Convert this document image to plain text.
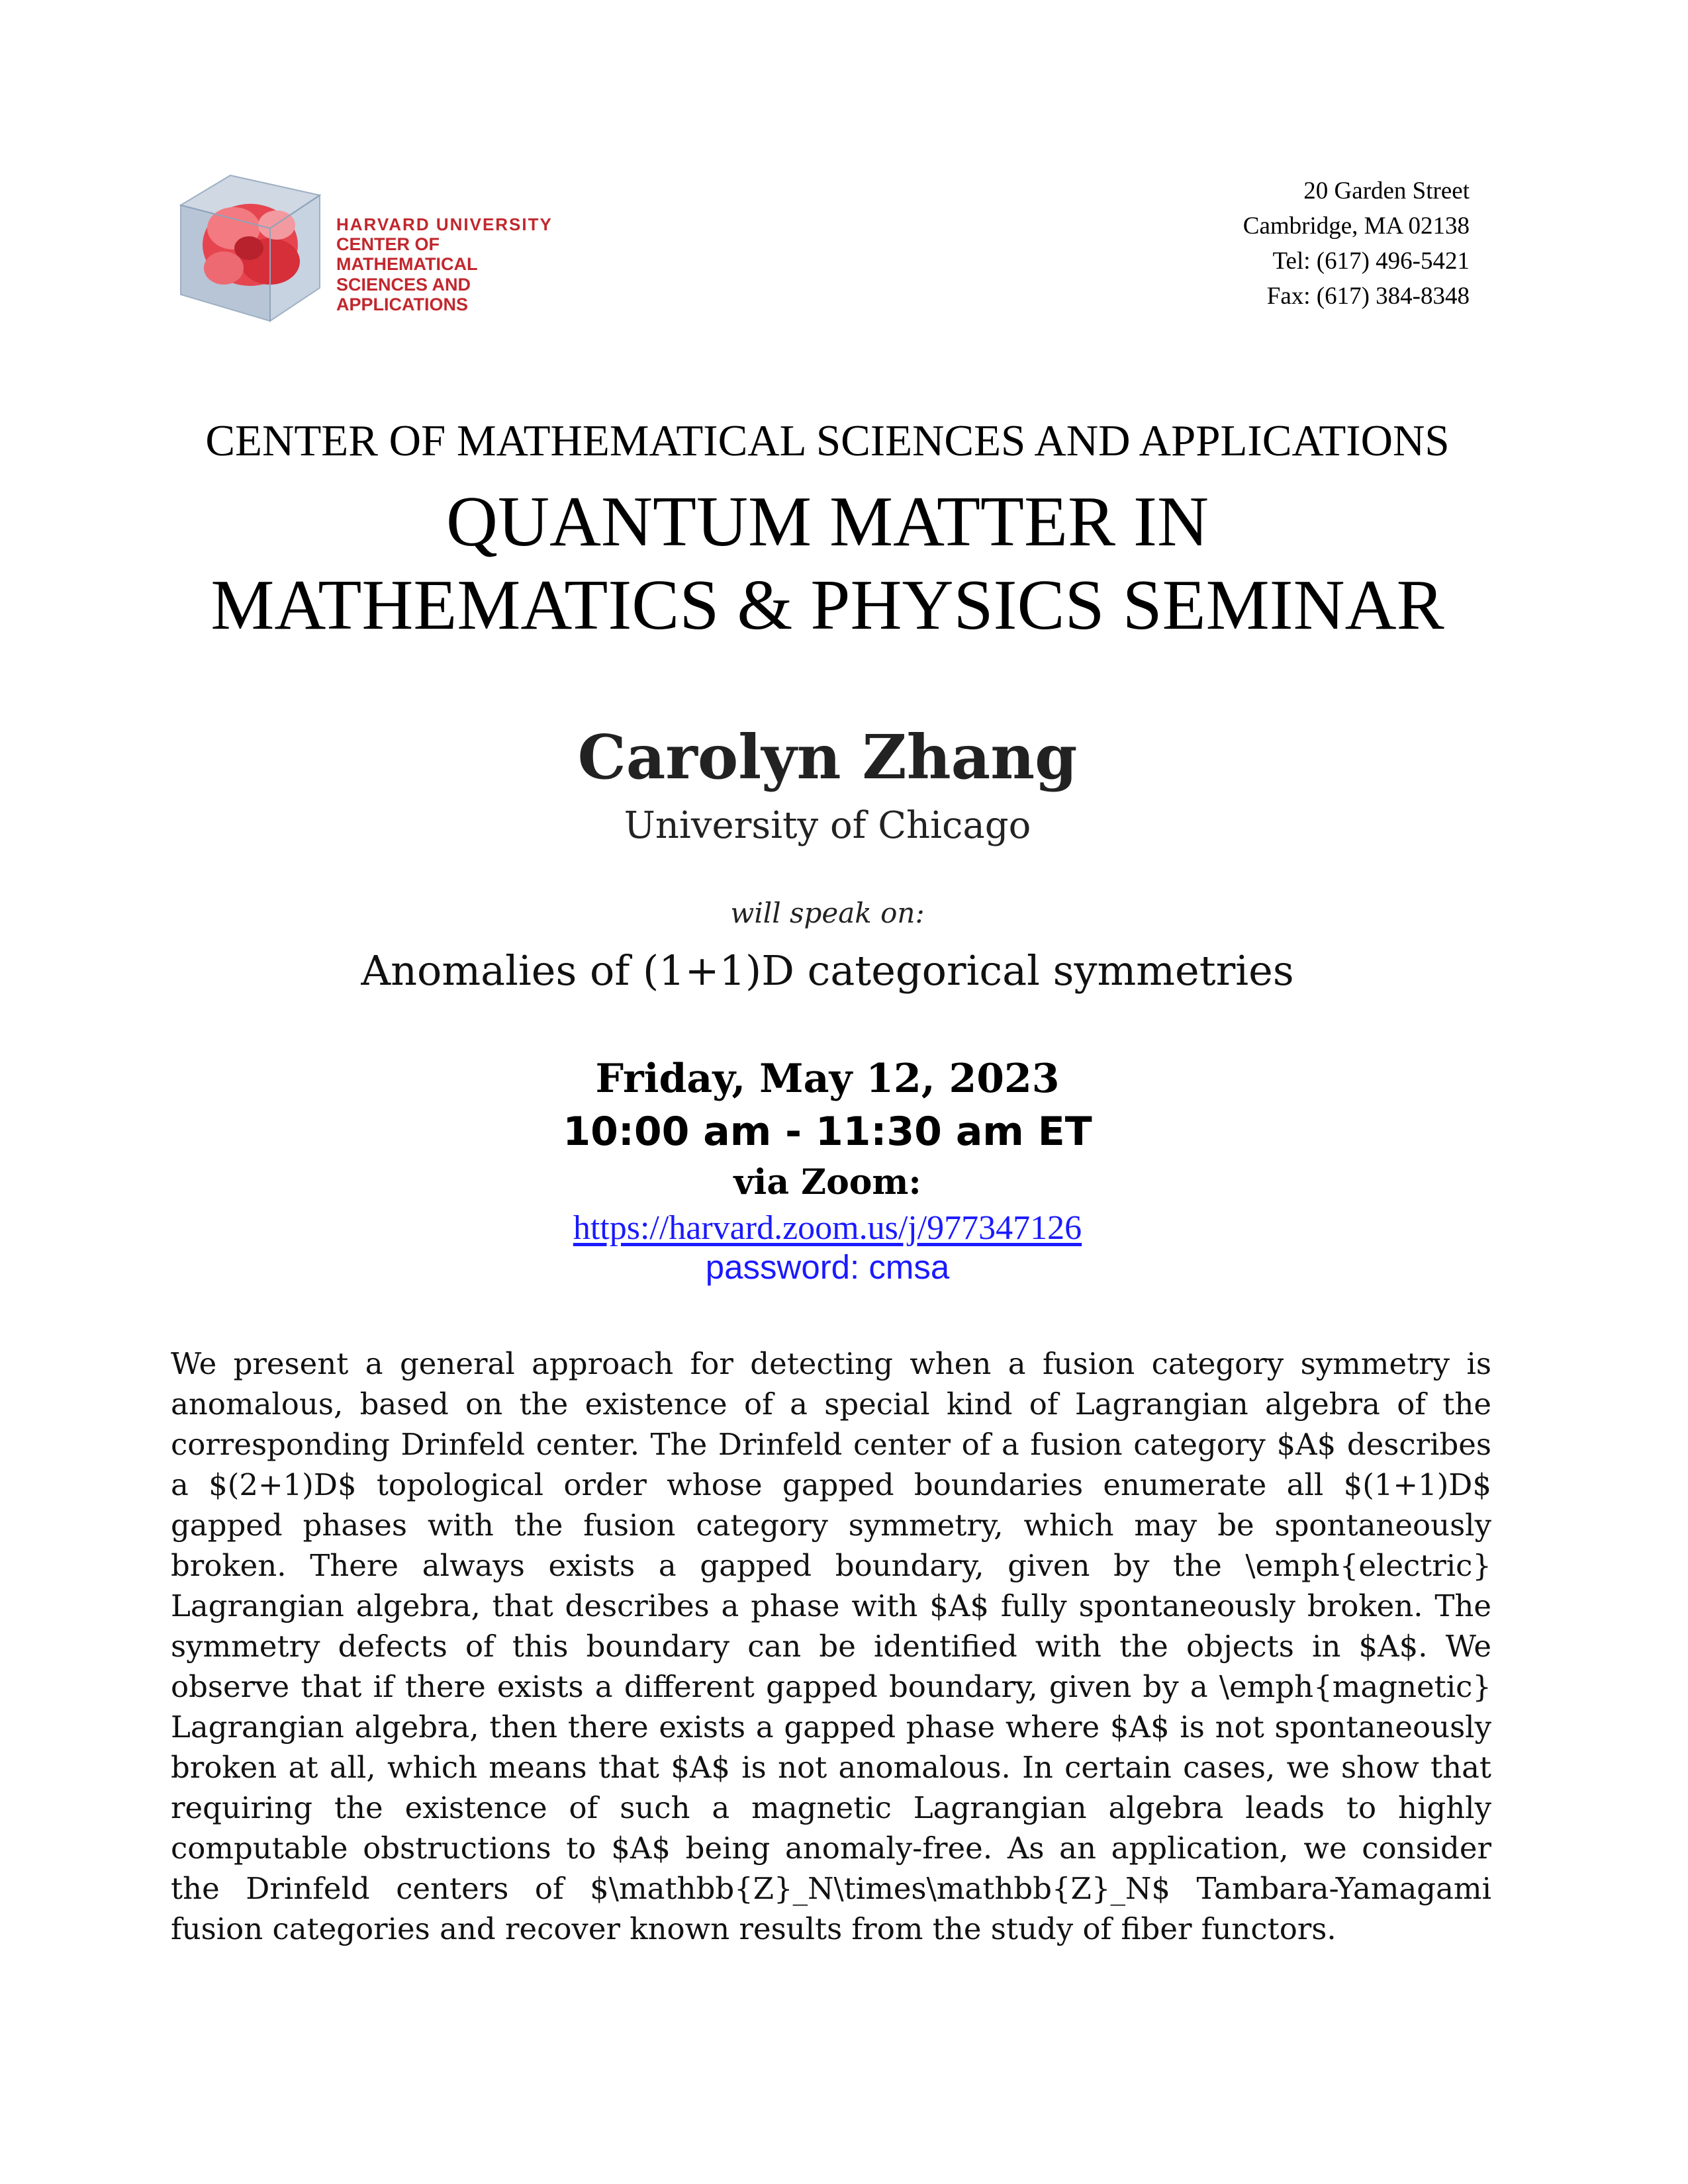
HARVARD UNIVERSITY
CENTER OF MATHEMATICAL
SCIENCES AND APPLICATIONS
20 Garden Street
Cambridge, MA 02138
Tel: (617) 496-5421
Fax: (617) 384-8348
CENTER OF MATHEMATICAL SCIENCES AND APPLICATIONS
QUANTUM MATTER IN
MATHEMATICS & PHYSICS SEMINAR
Carolyn Zhang
University of Chicago
will speak on:
Anomalies of (1+1)D categorical symmetries
Friday, May 12, 2023
10:00 am - 11:30 am ET
via Zoom:
https://harvard.zoom.us/j/977347126
password: cmsa
We present a general approach for detecting when a fusion category symmetry is anomalous, based on the existence of a special kind of Lagrangian algebra of the corresponding Drinfeld center. The Drinfeld center of a fusion category $A$ describes a $(2+1)D$ topological order whose gapped boundaries enumerate all $(1+1)D$ gapped phases with the fusion category symmetry, which may be spontaneously broken. There always exists a gapped boundary, given by the \emph{electric} Lagrangian algebra, that describes a phase with $A$ fully spontaneously broken. The symmetry defects of this boundary can be identified with the objects in $A$. We observe that if there exists a different gapped boundary, given by a \emph{magnetic} Lagrangian algebra, then there exists a gapped phase where $A$ is not spontaneously broken at all, which means that $A$ is not anomalous. In certain cases, we show that requiring the existence of such a magnetic Lagrangian algebra leads to highly computable obstructions to $A$ being anomaly-free. As an application, we consider the Drinfeld centers of $\mathbb{Z}_N\times\mathbb{Z}_N$ Tambara-Yamagami fusion categories and recover known results from the study of fiber functors.
